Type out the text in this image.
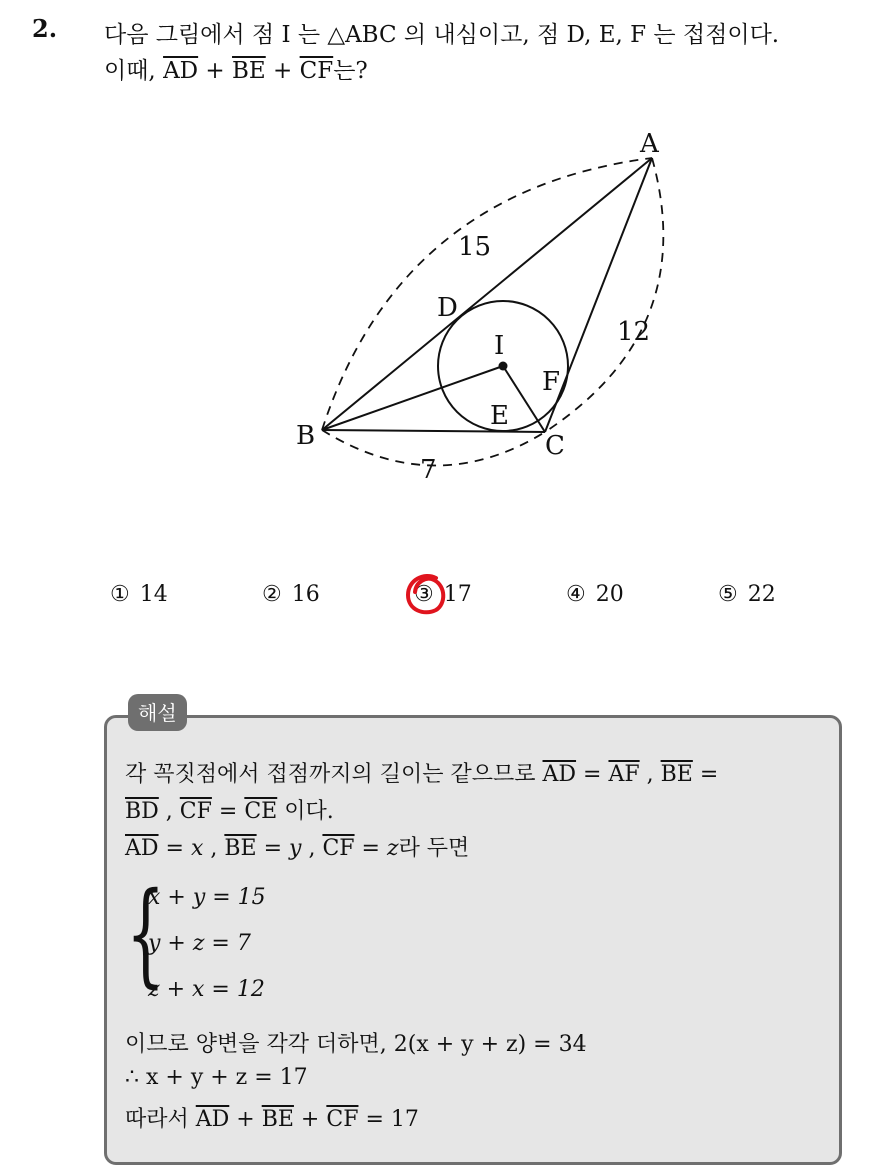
2. 다음 그림에서 점 I 는 △ABC 의 내심이고, 점 D, E, F 는 접점이다.
이때, $\overline{AD} + \overline{BE} + \overline{CF}$는?
A
B	C
D
E
F
I
15
12
7
① 14	② 16	③ 17	④ 20	⑤ 22
해설
각 꼭짓점에서 접점까지의 길이는 같으므로 $\overline{AD} = \overline{AF}$ , $\overline{BE}$ =
$\overline{BD}$ , $\overline{CF} = \overline{CE}$ 이다.
$\overline{AD} = x$ , $\overline{BE} = y$ , $\overline{CF} = z$라 두면
{
x + y = 15
y + z = 7
z + x = 12
이므로 양변을 각각 더하면, 2(x + y + z) = 34
∴ x + y + z = 17
따라서 $\overline{AD} + \overline{BE} + \overline{CF} = 17$
